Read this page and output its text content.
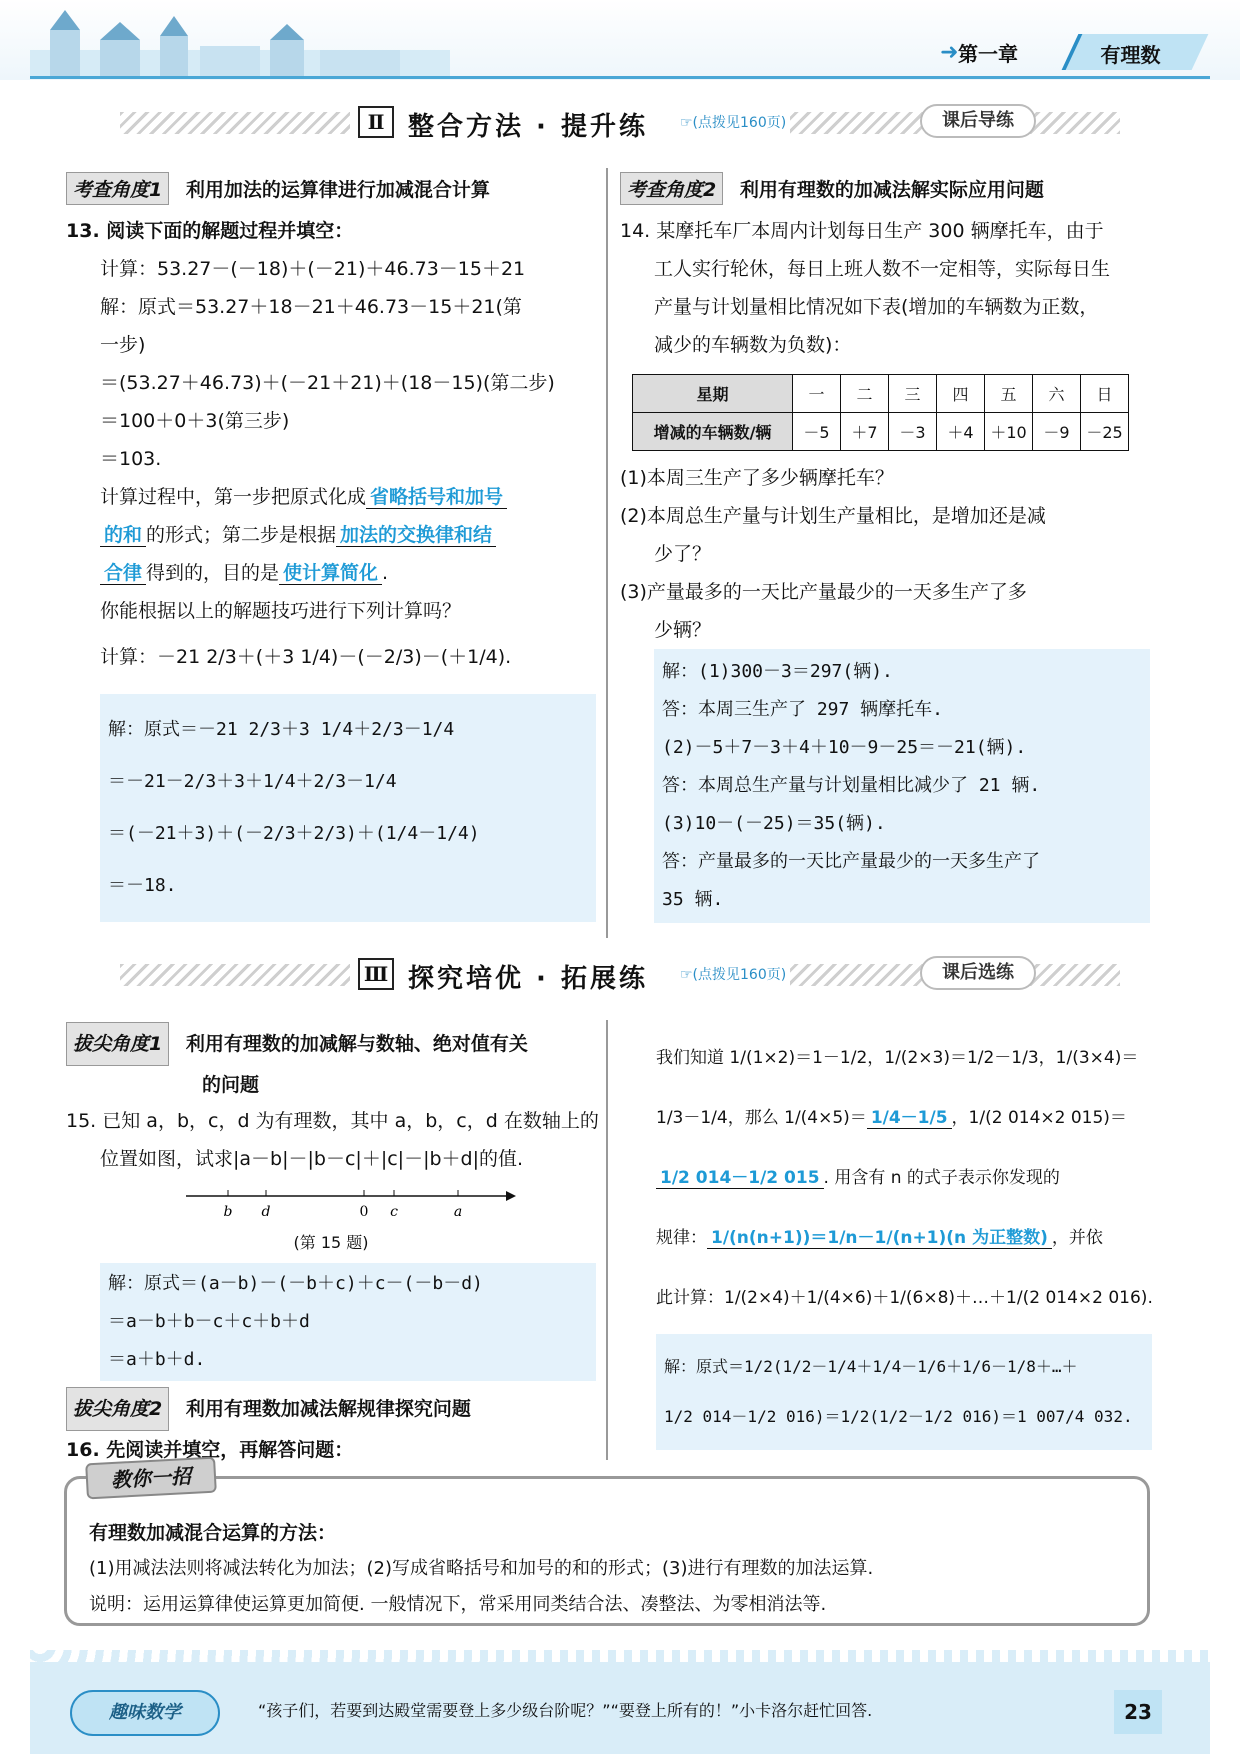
➜ 第一章	有理数
Ⅱ 整合方法 · 提升练 ☞(点拨见160页)	课后导练
考查角度1 利用加法的运算律进行加减混合计算
13. 阅读下面的解题过程并填空：
计算：53.27－(－18)＋(－21)＋46.73－15＋21
解：原式＝53.27＋18－21＋46.73－15＋21(第
一步)
＝(53.27＋46.73)＋(－21＋21)＋(18－15)(第二步)
＝100＋0＋3(第三步)
＝103.
计算过程中，第一步把原式化成 省略括号和加号
的和 的形式；第二步是根据 加法的交换律和结
合律 得到的，目的是 使计算简化 .
你能根据以上的解题技巧进行下列计算吗？
计算：－21 2/3＋(＋3 1/4)－(－2/3)－(＋1/4).
解：原式＝－21 2/3＋3 1/4＋2/3－1/4
＝－21－2/3＋3＋1/4＋2/3－1/4
＝(－21＋3)＋(－2/3＋2/3)＋(1/4－1/4)
＝－18.
考查角度2 利用有理数的加减法解实际应用问题
14. 某摩托车厂本周内计划每日生产 300 辆摩托车，由于
工人实行轮休，每日上班人数不一定相等，实际每日生
产量与计划量相比情况如下表(增加的车辆数为正数，
减少的车辆数为负数)：
星期	一	二	三	四	五	六	日
增减的车辆数/辆	－5	＋7	－3	＋4	＋10	－9	－25
(1)本周三生产了多少辆摩托车？
(2)本周总生产量与计划生产量相比，是增加还是减
少了？
(3)产量最多的一天比产量最少的一天多生产了多
少辆？
解：(1)300－3＝297(辆).
答：本周三生产了 297 辆摩托车.
(2)－5＋7－3＋4＋10－9－25＝－21(辆).
答：本周总生产量与计划量相比减少了 21 辆.
(3)10－(－25)＝35(辆).
答：产量最多的一天比产量最少的一天多生产了
35 辆.
Ⅲ 探究培优 · 拓展练 ☞(点拨见160页)	课后选练
拔尖角度1 利用有理数的加减解与数轴、绝对值有关
的问题
15. 已知 a，b，c，d 为有理数，其中 a，b，c，d 在数轴上的
位置如图，试求|a－b|－|b－c|＋|c|－|b＋d|的值.
b d	0 c	a
(第 15 题)
解：原式＝(a－b)－(－b＋c)＋c－(－b－d)
＝a－b＋b－c＋c＋b＋d
＝a＋b＋d.
拔尖角度2 利用有理数加减法解规律探究问题
16. 先阅读并填空，再解答问题：
我们知道 1/(1×2)＝1－1/2，1/(2×3)＝1/2－1/3，1/(3×4)＝
1/3－1/4，那么 1/(4×5)＝ 1/4－1/5 ，1/(2 014×2 015)＝
1/2 014－1/2 015 . 用含有 n 的式子表示你发现的
规律： 1/(n(n+1))＝1/n－1/(n+1)(n 为正整数) ，并依
此计算：1/(2×4)＋1/(4×6)＋1/(6×8)＋…＋1/(2 014×2 016).
解：原式＝1/2(1/2－1/4＋1/4－1/6＋1/6－1/8＋…＋
1/2 014－1/2 016)＝1/2(1/2－1/2 016)＝1 007/4 032.
有理数加减混合运算的方法：
(1)用减法法则将减法转化为加法；(2)写成省略括号和加号的和的形式；(3)进行有理数的加法运算.
说明：运用运算律使运算更加简便. 一般情况下，常采用同类结合法、凑整法、为零相消法等.
教你一招
趣味数学	“孩子们，若要到达殿堂需要登上多少级台阶呢？”“要登上所有的！”小卡洛尔赶忙回答.	23
